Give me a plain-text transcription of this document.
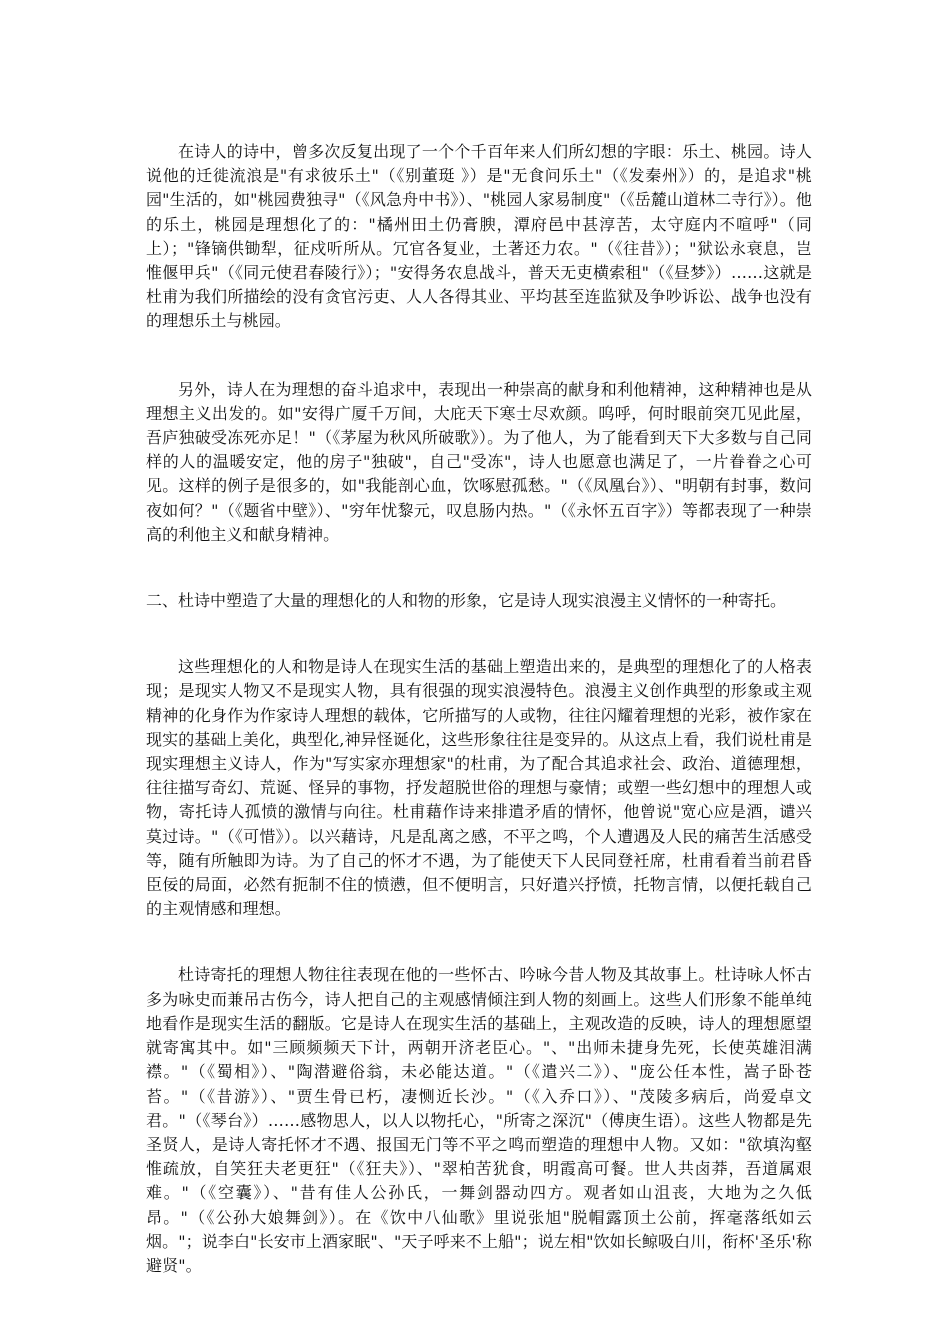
在诗人的诗中，曾多次反复出现了一个个千百年来人们所幻想的字眼：乐土、桃园。诗人说他的迁徙流浪是"有求彼乐土"（《别董珽 》）是"无食问乐土"（《发秦州》）的，是追求"桃园"生活的，如"桃园费独寻"（《风急舟中书》）、"桃园人家易制度"（《岳麓山道林二寺行》）。他的乐土，桃园是理想化了的："橘州田土仍膏腴，潭府邑中甚淳苦，太守庭内不喧呼"（同上）；"锋镝供锄犁，征戍听所从。冗官各复业，土著还力农。"（《往昔》）；"狱讼永衰息，岂惟偃甲兵"（《同元使君春陵行》）；"安得务农息战斗，普天无吏横索租"（《昼梦》）……这就是杜甫为我们所描绘的没有贪官污吏、人人各得其业、平均甚至连监狱及争吵诉讼、战争也没有的理想乐土与桃园。

另外，诗人在为理想的奋斗追求中，表现出一种崇高的献身和利他精神，这种精神也是从理想主义出发的。如"安得广厦千万间，大庇天下寒士尽欢颜。呜呼，何时眼前突兀见此屋，吾庐独破受冻死亦足！"（《茅屋为秋风所破歌》）。为了他人，为了能看到天下大多数与自己同样的人的温暖安定，他的房子"独破"，自己"受冻"，诗人也愿意也满足了，一片眷眷之心可见。这样的例子是很多的，如"我能剖心血，饮啄慰孤愁。"（《凤凰台》）、"明朝有封事，数问夜如何？"（《题省中壁》）、"穷年忧黎元，叹息肠内热。"（《永怀五百字》）等都表现了一种崇高的利他主义和献身精神。

二、杜诗中塑造了大量的理想化的人和物的形象，它是诗人现实浪漫主义情怀的一种寄托。

这些理想化的人和物是诗人在现实生活的基础上塑造出来的，是典型的理想化了的人格表现；是现实人物又不是现实人物，具有很强的现实浪漫特色。浪漫主义创作典型的形象或主观精神的化身作为作家诗人理想的载体，它所描写的人或物，往往闪耀着理想的光彩，被作家在现实的基础上美化，典型化,神异怪诞化，这些形象往往是变异的。从这点上看，我们说杜甫是现实理想主义诗人，作为"写实家亦理想家"的杜甫，为了配合其追求社会、政治、道德理想，往往描写奇幻、荒诞、怪异的事物，抒发超脱世俗的理想与豪情；或塑一些幻想中的理想人或物，寄托诗人孤愤的激情与向往。杜甫藉作诗来排遣矛盾的情怀，他曾说"宽心应是酒，谴兴莫过诗。"（《可惜》）。以兴藉诗，凡是乱离之感，不平之鸣，个人遭遇及人民的痛苦生活感受等，随有所触即为诗。为了自己的怀才不遇，为了能使天下人民同登衽席，杜甫看着当前君昏臣佞的局面，必然有扼制不住的愤懑，但不便明言，只好遣兴抒愤，托物言情，以便托载自己的主观情感和理想。

杜诗寄托的理想人物往往表现在他的一些怀古、吟咏今昔人物及其故事上。杜诗咏人怀古多为咏史而兼吊古伤今，诗人把自己的主观感情倾注到人物的刻画上。这些人们形象不能单纯地看作是现实生活的翻版。它是诗人在现实生活的基础上，主观改造的反映，诗人的理想愿望就寄寓其中。如"三顾频频天下计，两朝开济老臣心。"、"出师未捷身先死，长使英雄泪满襟。"（《蜀相》）、"陶潜避俗翁，未必能达道。"（《遣兴二》）、"庞公任本性，嵩子卧苍苔。"（《昔游》）、"贾生骨已朽，凄恻近长沙。"（《入乔口》）、"茂陵多病后，尚爱卓文君。"（《琴台》）……感物思人，以人以物托心，"所寄之深沉"（傅庚生语）。这些人物都是先圣贤人，是诗人寄托怀才不遇、报国无门等不平之鸣而塑造的理想中人物。又如："欲填沟壑惟疏放，自笑狂夫老更狂"（《狂夫》）、"翠柏苦犹食，明霞高可餐。世人共卤莽，吾道属艰难。"（《空囊》）、"昔有佳人公孙氏，一舞剑器动四方。观者如山沮丧，大地为之久低昂。"（《公孙大娘舞剑》）。在《饮中八仙歌》里说张旭"脱帽露顶土公前，挥毫落纸如云烟。"；说李白"长安市上酒家眠"、"天子呼来不上船"；说左相"饮如长鲸吸白川，衔杯'圣乐'称避贤"。
